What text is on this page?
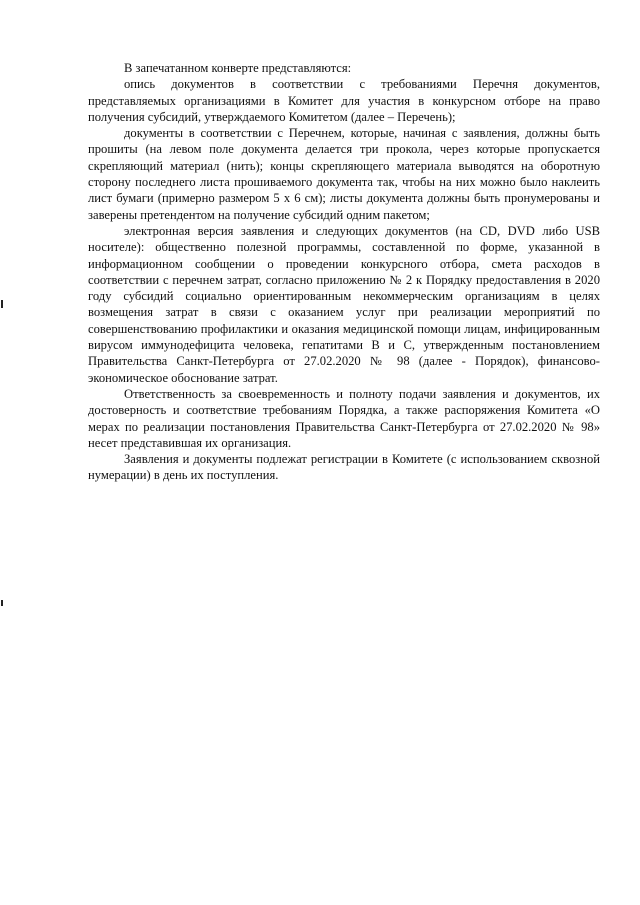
В запечатанном конверте представляются:

опись документов в соответствии с требованиями Перечня документов, представляемых организациями в Комитет для участия в конкурсном отборе на право получения субсидий, утверждаемого Комитетом (далее – Перечень);

документы в соответствии с Перечнем, которые, начиная с заявления, должны быть прошиты (на левом поле документа делается три прокола, через которые пропускается скрепляющий материал (нить); концы скрепляющего материала выводятся на оборотную сторону последнего листа прошиваемого документа так, чтобы на них можно было наклеить лист бумаги (примерно размером 5 х 6 см); листы документа должны быть пронумерованы и заверены претендентом на получение субсидий одним пакетом;

электронная версия заявления и следующих документов (на CD, DVD либо USB носителе): общественно полезной программы, составленной по форме, указанной в информационном сообщении о проведении конкурсного отбора, смета расходов в соответствии с перечнем затрат, согласно приложению № 2 к Порядку предоставления в 2020 году субсидий социально ориентированным некоммерческим организациям в целях возмещения затрат в связи с оказанием услуг при реализации мероприятий по совершенствованию профилактики и оказания медицинской помощи лицам, инфицированным вирусом иммунодефицита человека, гепатитами В и С, утвержденным постановлением Правительства Санкт-Петербурга от 27.02.2020 № 98 (далее - Порядок), финансово-экономическое обоснование затрат.

Ответственность за своевременность и полноту подачи заявления и документов, их достоверность и соответствие требованиям Порядка, а также распоряжения Комитета «О мерах по реализации постановления Правительства Санкт-Петербурга от 27.02.2020 № 98» несет представившая их организация.

Заявления и документы подлежат регистрации в Комитете (с использованием сквозной нумерации) в день их поступления.
